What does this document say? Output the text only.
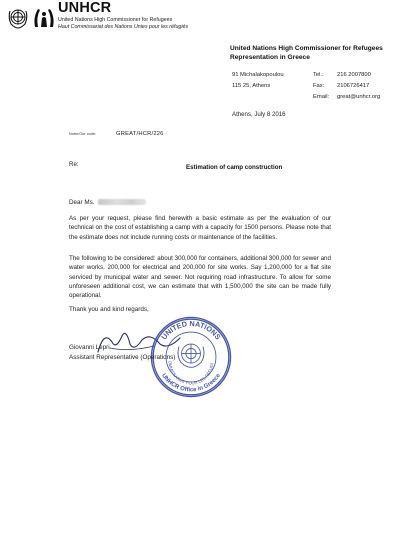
UNHCR
United Nations High Commissioner for Refugees
Haut Commissariat des Nations Unies pour les réfugiés
United Nations High Commissioner for Refugees
Representation in Greece
91 Michalakopoulou
115 25, Athens
Tel.: 216 2007800
Fax: 2106726417
Email: great@unhcr.org
Athens, July 8 2016
Notre/Our code:	GREAT/HCR/226
Re:	Estimation of camp construction
Dear Ms.
As per your request, please find herewith a basic estimate as per the evaluation of our technical on the cost of establishing a camp with a capacity for 1500 persons. Please note that the estimate does not include running costs or maintenance of the facilities.
The following to be considered: about 300,000 for containers, additional 300,000 for sewer and water works. 200,000 for electrical and 200,000 for site works. Say 1,200,000 for a flat site serviced by municipal water and sewer. Not requiring road infrastructure. To allow for some unforeseen additional cost, we can estimate that with 1,500,000 the site can be made fully operational.
Thank you and kind regards,
UNITED NATIONS
UNHCR Office in Greece
OMMISSARIAT POUR LES RÉFUGI
Giovanni Lepri
Assistant Representative (Operations)
